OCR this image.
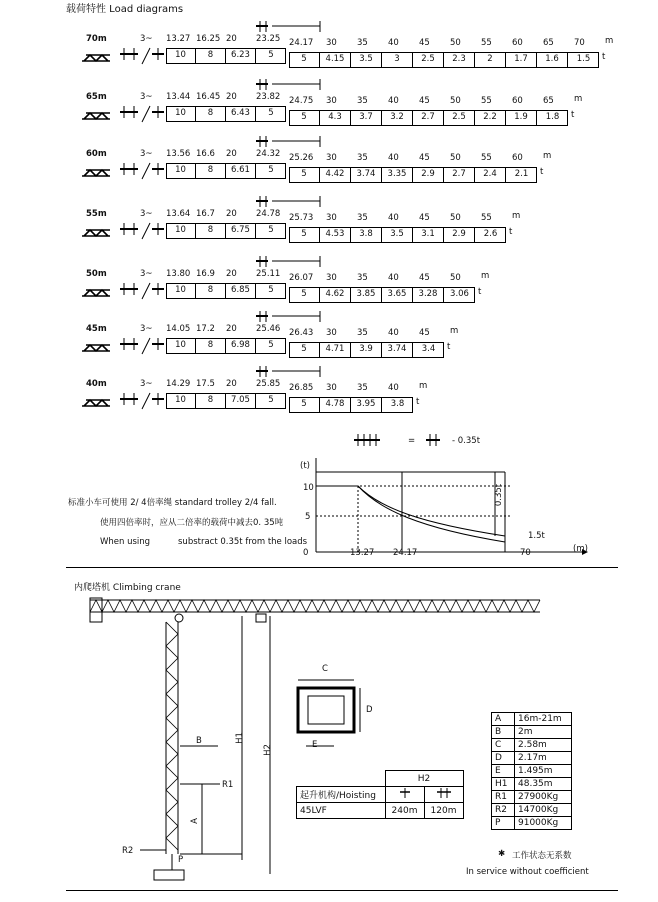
载荷特性 Load diagrams
70m	3~ 13.27 16.25 20 23.25
10	8	6.23	5
24.17 30 35 40 45 50 55 60 65 70
5	4.15	3.5	3	2.5	2.3	2	1.7	1.6	1.5
m
t
65m	3~ 13.44 16.45 20 23.82
10	8	6.43	5
24.75 30 35 40 45 50 55 60 65
5	4.3	3.7	3.2	2.7	2.5	2.2	1.9	1.8
m
t
60m	3~ 13.56 16.6 20 24.32
10	8	6.61	5
25.26 30 35 40 45 50 55 60
5	4.42	3.74	3.35	2.9	2.7	2.4	2.1
m
t
55m	3~ 13.64 16.7 20 24.78
10	8	6.75	5
25.73 30 35 40 45 50 55
5	4.53	3.8	3.5	3.1	2.9	2.6
m
t
50m	3~ 13.80 16.9 20 25.11
10	8	6.85	5
26.07 30 35 40 45 50
5	4.62	3.85	3.65	3.28	3.06
m
t
45m	3~ 14.05 17.2 20 25.46
10	8	6.98	5
26.43 30 35 40 45
5	4.71	3.9	3.74	3.4
m
t
40m	3~ 14.29 17.5 20 25.85
10	8	7.05	5
26.85 30 35 40
5	4.78	3.95	3.8
m
t
=	- 0.35t
标准小车可使用 2/ 4倍率绳 standard trolley 2/4 fall.
使用四倍率时，应从二倍率的载荷中减去0. 35吨
When using	substract 0.35t from the loads
(t)
(m)
10
5
0	13.27 24.17	70
0.35t
1.5t
内爬塔机 Climbing crane
B	H1
H2
A
R1
R2
P
C
D
E
	H2	
起升机构/Hoisting		
45LVF	240m	120m
A	16m-21m
B	2m
C	2.58m
D	2.17m
E	1.495m
H1	48.35m
R1	27900Kg
R2	14700Kg
P	91000Kg
✱ 工作状态无系数
In service without coefficient
